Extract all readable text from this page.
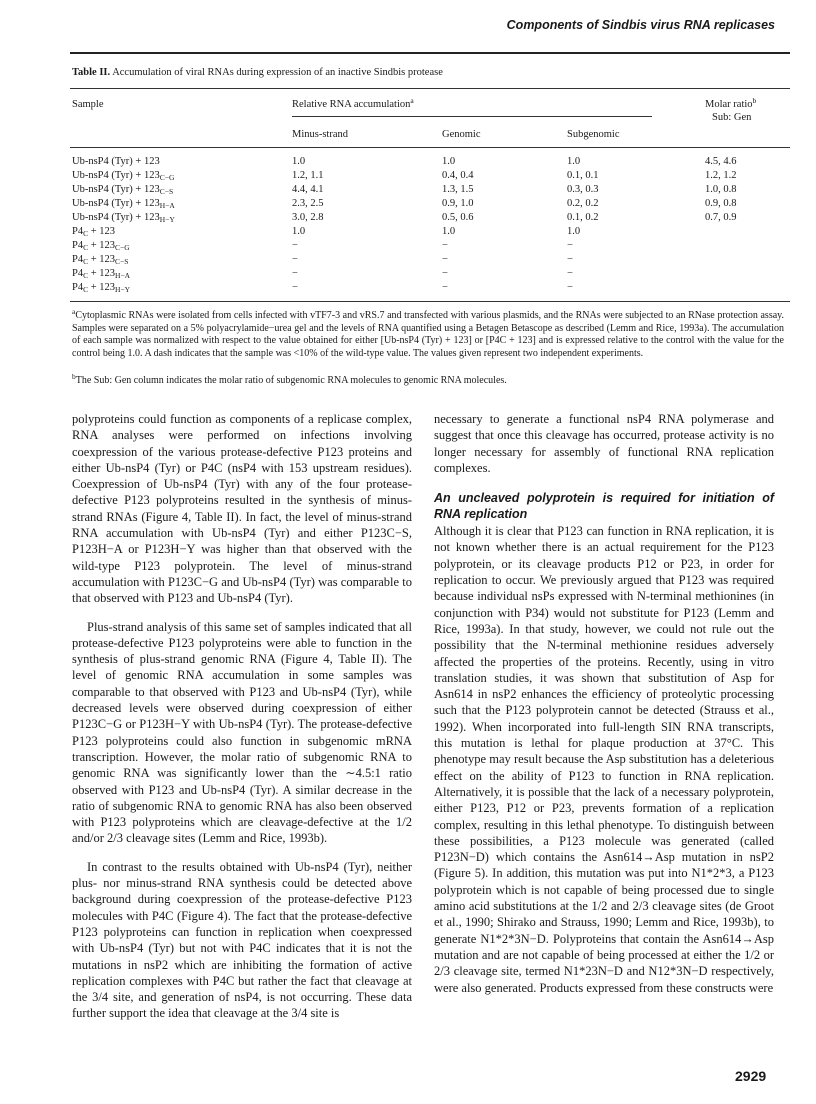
Components of Sindbis virus RNA replicases
Table II. Accumulation of viral RNAs during expression of an inactive Sindbis protease
Sample	Relative RNA accumulation$^a$	Molar ratio$^b$
Sub: Gen
Minus-strand	Genomic	Subgenomic
Ub-nsP4 (Tyr) + 123	1.0	1.0	1.0	4.5, 4.6
Ub-nsP4 $(Tyr) + 123_{C-G}$	1.2, 1.1	0.4, 0.4	0.1, 0.1	1.2, 1.2
Ub-nsP4 $(Tyr) + 123_{C-S}$	4.4, 4.1	1.3, 1.5	0.3, 0.3	1.0, 0.8
Ub-nsP4 $(Tyr) + 123_{H-A}$	2.3, 2.5	0.9, 1.0	0.2, 0.2	0.9, 0.8
Ub-nsP4 $(Tyr) + 123_{H-Y}$	3.0, 2.8	0.5, 0.6	0.1, 0.2	0.7, 0.9
$P4_C + 123$	1.0	1.0	1.0
$P4_C + 123_{C-G}$	−	−	−
$P4_C + 123_{C-S}$	−	−	−
$P4_C + 123_{H-A}$	−	−	−
$P4_C + 123_{H-Y}$	−	−	−
$^a$Cytoplasmic RNAs were isolated from cells infected with vTF7-3 and vRS.7 and transfected with various plasmids, and the RNAs were subjected to an RNase protection assay. Samples were separated on a 5% polyacrylamide−urea gel and the levels of RNA quantified using a Betagen Betascope as described (Lemm and Rice, 1993a). The accumulation of each sample was normalized with respect to the value obtained for either [Ub-nsP4 (Tyr) + 123] or [P4C + 123] and is expressed relative to the control with the value for the control being 1.0. A dash indicates that the sample was <10% of the wild-type value. The values given represent two independent experiments.
$^b$The Sub: Gen column indicates the molar ratio of subgenomic RNA molecules to genomic RNA molecules.

polyproteins could function as components of a replicase complex, RNA analyses were performed on infections involving coexpression of the various protease-defective P123 proteins and either Ub-nsP4 (Tyr) or P4C (nsP4 with 153 upstream residues). Coexpression of Ub-nsP4 (Tyr) with any of the four protease-defective P123 polyproteins resulted in the synthesis of minus-strand RNAs (Figure 4, Table II). In fact, the level of minus-strand RNA accumulation with Ub-nsP4 (Tyr) and either P123C−S, P123H−A or P123H−Y was higher than that observed with the wild-type P123 polyprotein. The level of minus-strand accumulation with P123C−G and Ub-nsP4 (Tyr) was comparable to that observed with P123 and Ub-nsP4 (Tyr).

Plus-strand analysis of this same set of samples indicated that all protease-defective P123 polyproteins were able to function in the synthesis of plus-strand genomic RNA (Figure 4, Table II). The level of genomic RNA accumulation in some samples was comparable to that observed with P123 and Ub-nsP4 (Tyr), while decreased levels were observed during coexpression of either P123C−G or P123H−Y with Ub-nsP4 (Tyr). The protease-defective P123 polyproteins could also function in subgenomic mRNA transcription. However, the molar ratio of subgenomic RNA to genomic RNA was significantly lower than the ∼4.5:1 ratio observed with P123 and Ub-nsP4 (Tyr). A similar decrease in the ratio of subgenomic RNA to genomic RNA has also been observed with P123 polyproteins which are cleavage-defective at the 1/2 and/or 2/3 cleavage sites (Lemm and Rice, 1993b).

In contrast to the results obtained with Ub-nsP4 (Tyr), neither plus- nor minus-strand RNA synthesis could be detected above background during coexpression of the protease-defective P123 molecules with P4C (Figure 4). The fact that the protease-defective P123 polyproteins can function in replication when coexpressed with Ub-nsP4 (Tyr) but not with P4C indicates that it is not the mutations in nsP2 which are inhibiting the formation of active replication complexes with P4C but rather the fact that cleavage at the 3/4 site, and generation of nsP4, is not occurring. These data further support the idea that cleavage at the 3/4 site is

necessary to generate a functional nsP4 RNA polymerase and suggest that once this cleavage has occurred, protease activity is no longer necessary for assembly of functional RNA replication complexes.

An uncleaved polyprotein is required for initiation of RNA replication

Although it is clear that P123 can function in RNA replication, it is not known whether there is an actual requirement for the P123 polyprotein, or its cleavage products P12 or P23, in order for replication to occur. We previously argued that P123 was required because individual nsPs expressed with N-terminal methionines (in conjunction with P34) would not substitute for P123 (Lemm and Rice, 1993a). In that study, however, we could not rule out the possibility that the N-terminal methionine residues adversely affected the properties of the proteins. Recently, using in vitro translation studies, it was shown that substitution of Asp for Asn614 in nsP2 enhances the efficiency of proteolytic processing such that the P123 polyprotein cannot be detected (Strauss et al., 1992). When incorporated into full-length SIN RNA transcripts, this mutation is lethal for plaque production at 37°C. This phenotype may result because the Asp substitution has a deleterious effect on the ability of P123 to function in RNA replication. Alternatively, it is possible that the lack of a necessary polyprotein, either P123, P12 or P23, prevents formation of a replication complex, resulting in this lethal phenotype. To distinguish between these possibilities, a P123 molecule was generated (called P123N−D) which contains the Asn614→Asp mutation in nsP2 (Figure 5). In addition, this mutation was put into N1*2*3, a P123 polyprotein which is not capable of being processed due to single amino acid substitutions at the 1/2 and 2/3 cleavage sites (de Groot et al., 1990; Shirako and Strauss, 1990; Lemm and Rice, 1993b), to generate N1*2*3N−D. Polyproteins that contain the Asn614→Asp mutation and are not capable of being processed at either the 1/2 or 2/3 cleavage site, termed N1*23N−D and N12*3N−D respectively, were also generated. Products expressed from these constructs were

2929
